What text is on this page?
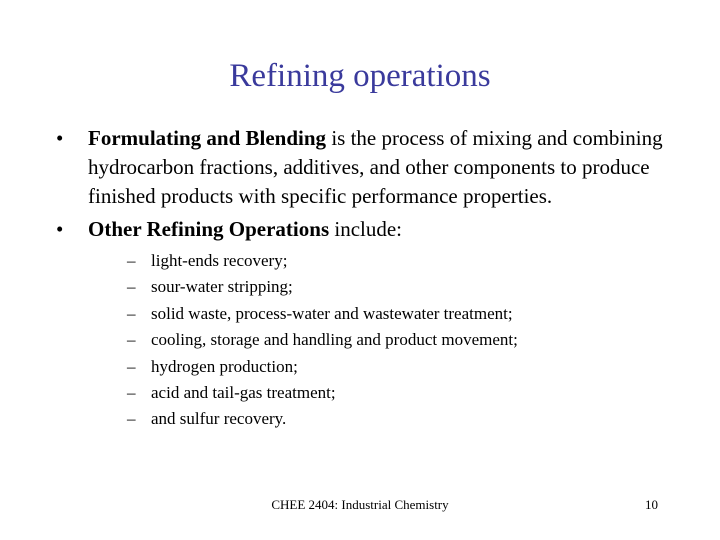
Refining operations
•	Formulating and Blending is the process of mixing and combining hydrocarbon fractions, additives, and other components to produce finished products with specific performance properties.
•	Other Refining Operations include:
– light-ends recovery;
– sour-water stripping;
– solid waste, process-water and wastewater treatment;
– cooling, storage and handling and product movement;
– hydrogen production;
– acid and tail-gas treatment;
– and sulfur recovery.
CHEE 2404: Industrial Chemistry	10
